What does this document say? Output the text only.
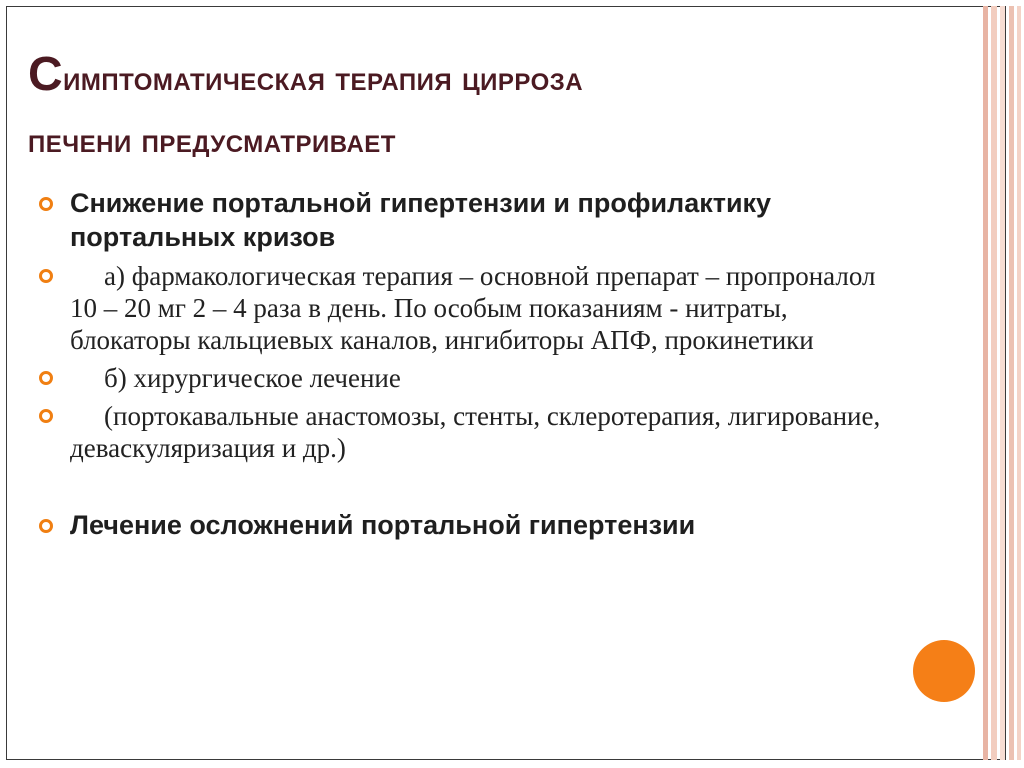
Симптоматическая терапия цирроза
печени предусматривает
Снижение портальной гипертензии и профилактику портальных кризов
а) фармакологическая терапия – основной препарат – пропроналол 10 – 20 мг 2 – 4 раза в день. По особым показаниям - нитраты, блокаторы кальциевых каналов, ингибиторы АПФ, прокинетики
б) хирургическое лечение
(портокавальные анастомозы, стенты, склеротерапия, лигирование, деваскуляризация и др.)
Лечение осложнений портальной гипертензии
